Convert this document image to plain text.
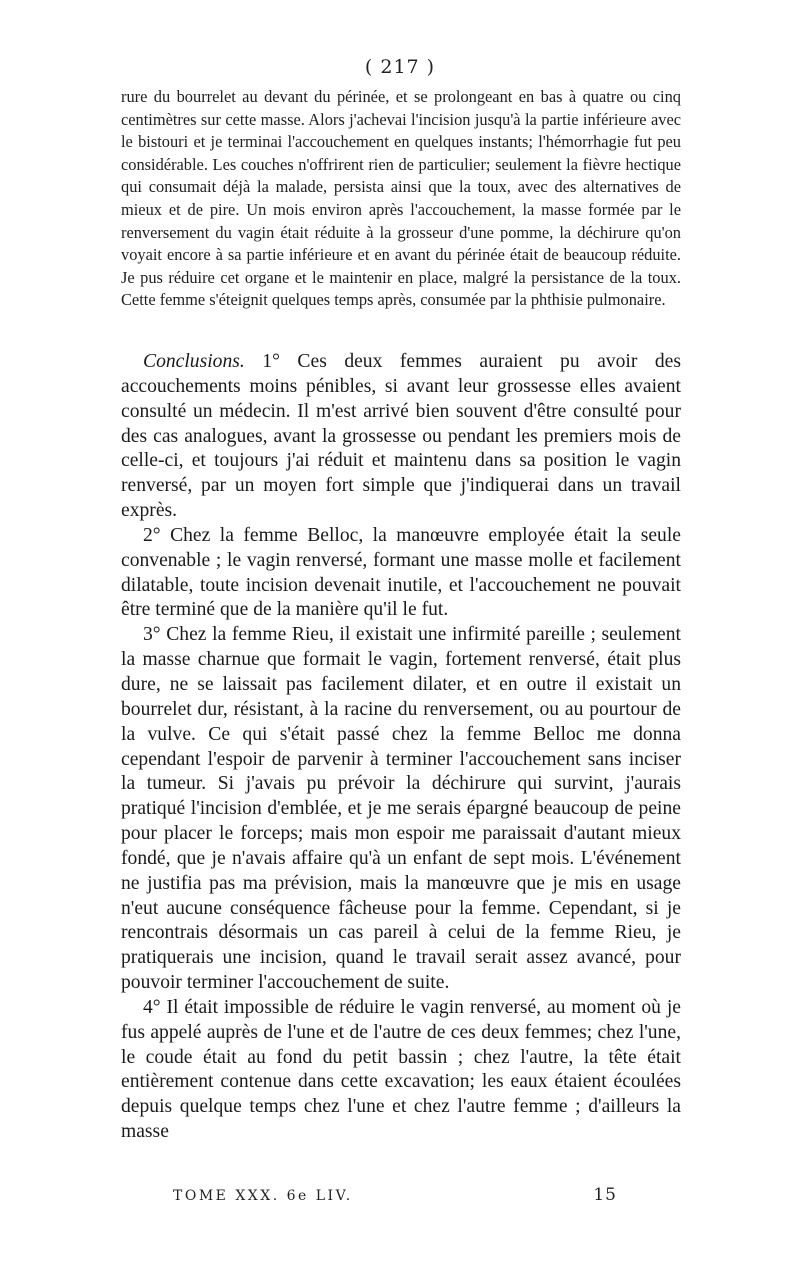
( 217 )

rure du bourrelet au devant du périnée, et se prolongeant en bas à quatre ou cinq centimètres sur cette masse. Alors j'achevai l'incision jusqu'à la partie inférieure avec le bistouri et je terminai l'accouchement en quelques instants; l'hémorrhagie fut peu considérable. Les couches n'offrirent rien de particulier; seulement la fièvre hectique qui consumait déjà la malade, persista ainsi que la toux, avec des alternatives de mieux et de pire. Un mois environ après l'accouchement, la masse formée par le renversement du vagin était réduite à la grosseur d'une pomme, la déchirure qu'on voyait encore à sa partie inférieure et en avant du périnée était de beaucoup réduite. Je pus réduire cet organe et le maintenir en place, malgré la persistance de la toux. Cette femme s'éteignit quelques temps après, consumée par la phthisie pulmonaire.

Conclusions. 1° Ces deux femmes auraient pu avoir des accouchements moins pénibles, si avant leur grossesse elles avaient consulté un médecin. Il m'est arrivé bien souvent d'être consulté pour des cas analogues, avant la grossesse ou pendant les premiers mois de celle-ci, et toujours j'ai réduit et maintenu dans sa position le vagin renversé, par un moyen fort simple que j'indiquerai dans un travail exprès.

2° Chez la femme Belloc, la manœuvre employée était la seule convenable ; le vagin renversé, formant une masse molle et facilement dilatable, toute incision devenait inutile, et l'accouchement ne pouvait être terminé que de la manière qu'il le fut.

3° Chez la femme Rieu, il existait une infirmité pareille ; seulement la masse charnue que formait le vagin, fortement renversé, était plus dure, ne se laissait pas facilement dilater, et en outre il existait un bourrelet dur, résistant, à la racine du renversement, ou au pourtour de la vulve. Ce qui s'était passé chez la femme Belloc me donna cependant l'espoir de parvenir à terminer l'accouchement sans inciser la tumeur. Si j'avais pu prévoir la déchirure qui survint, j'aurais pratiqué l'incision d'emblée, et je me serais épargné beaucoup de peine pour placer le forceps; mais mon espoir me paraissait d'autant mieux fondé, que je n'avais affaire qu'à un enfant de sept mois. L'événement ne justifia pas ma prévision, mais la manœuvre que je mis en usage n'eut aucune conséquence fâcheuse pour la femme. Cependant, si je rencontrais désormais un cas pareil à celui de la femme Rieu, je pratiquerais une incision, quand le travail serait assez avancé, pour pouvoir terminer l'accouchement de suite.

4° Il était impossible de réduire le vagin renversé, au moment où je fus appelé auprès de l'une et de l'autre de ces deux femmes; chez l'une, le coude était au fond du petit bassin ; chez l'autre, la tête était entièrement contenue dans cette excavation; les eaux étaient écoulées depuis quelque temps chez l'une et chez l'autre femme ; d'ailleurs la masse

TOME XXX. 6e LIV.	15
